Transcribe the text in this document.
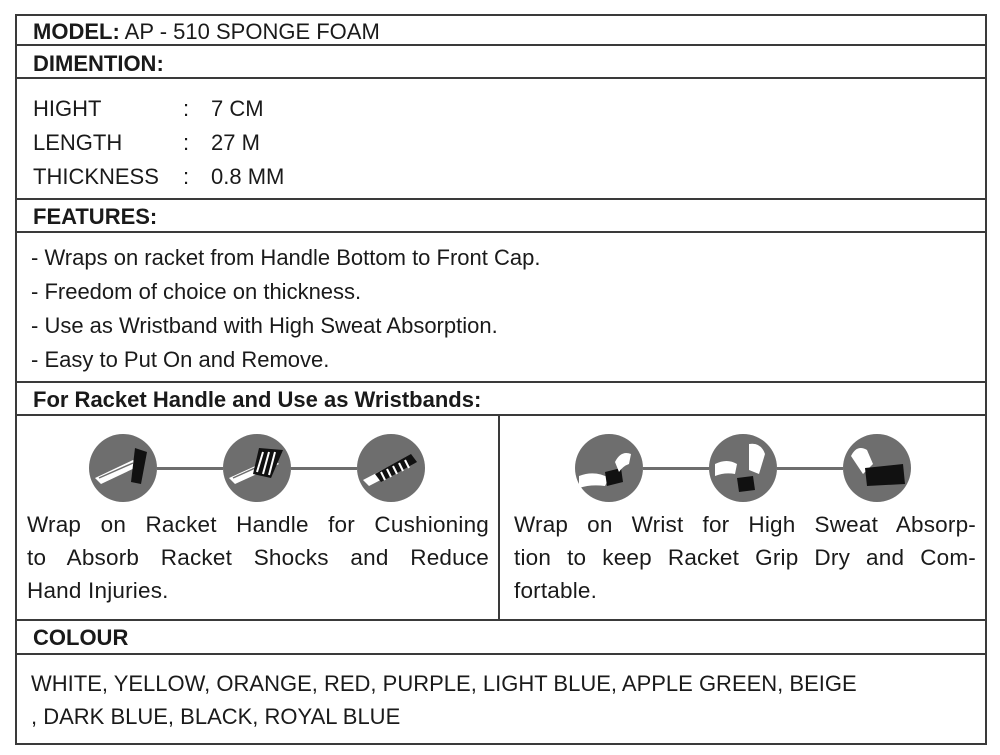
MODEL: AP - 510 SPONGE FOAM
DIMENTION:
HIGHT	: 7 CM
LENGTH	: 27 M
THICKNESS : 0.8 MM
FEATURES:
- Wraps on racket from Handle Bottom to Front Cap.
- Freedom of choice on thickness.
- Use as Wristband with High Sweat Absorption.
- Easy to Put On and Remove.
For Racket Handle and Use as Wristbands:
Wrap on Racket Handle for Cushioning
to Absorb Racket Shocks and Reduce
Hand Injuries.
Wrap on Wrist for High Sweat Absorp-
tion to keep Racket Grip Dry and Com-
fortable.
COLOUR
WHITE, YELLOW, ORANGE, RED, PURPLE, LIGHT BLUE, APPLE GREEN, BEIGE
, DARK BLUE, BLACK, ROYAL BLUE
